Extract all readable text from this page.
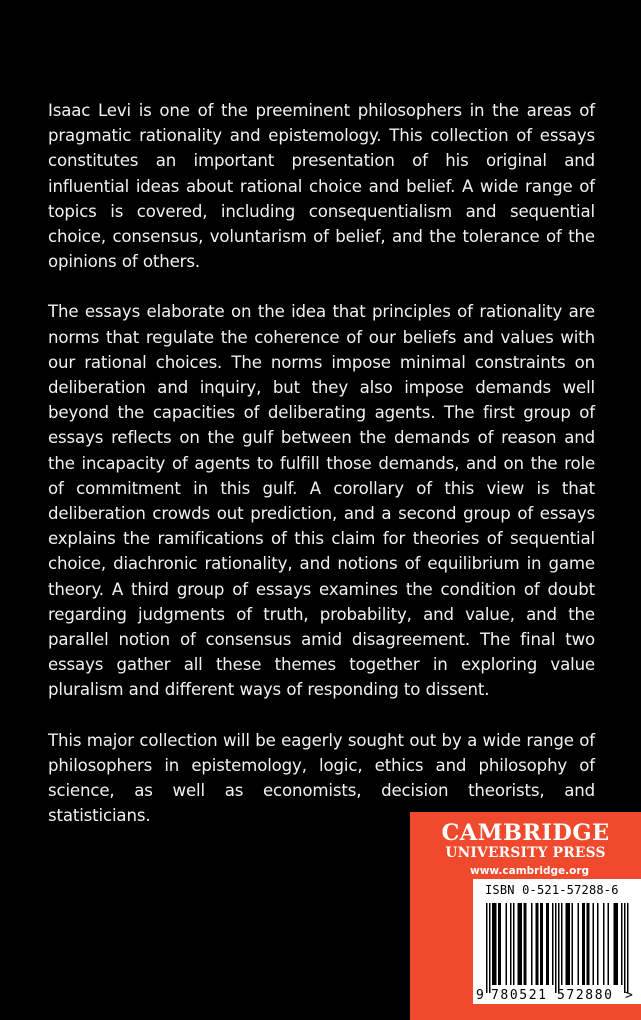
Isaac Levi is one of the preeminent philosophers in the areas of pragmatic rationality and epistemology. This collection of essays constitutes an important presentation of his original and influential ideas about rational choice and belief. A wide range of topics is covered, including consequentialism and sequential choice, consensus, voluntarism of belief, and the tolerance of the opinions of others.

The essays elaborate on the idea that principles of rationality are norms that regulate the coherence of our beliefs and values with our rational choices. The norms impose minimal constraints on deliberation and inquiry, but they also impose demands well beyond the capacities of deliberating agents. The first group of essays reflects on the gulf between the demands of reason and the incapacity of agents to fulfill those demands, and on the role of commitment in this gulf. A corollary of this view is that deliberation crowds out prediction, and a second group of essays explains the ramifications of this claim for theories of sequential choice, diachronic rationality, and notions of equilibrium in game theory. A third group of essays examines the condition of doubt regarding judgments of truth, probability, and value, and the parallel notion of consensus amid disagreement. The final two essays gather all these themes together in exploring value pluralism and different ways of responding to dissent.

This major collection will be eagerly sought out by a wide range of philosophers in epistemology, logic, ethics and philosophy of science, as well as economists, decision theorists, and statisticians.

CAMBRIDGE
UNIVERSITY PRESS
www.cambridge.org
ISBN 0-521-57288-6
9 780521 572880 >
